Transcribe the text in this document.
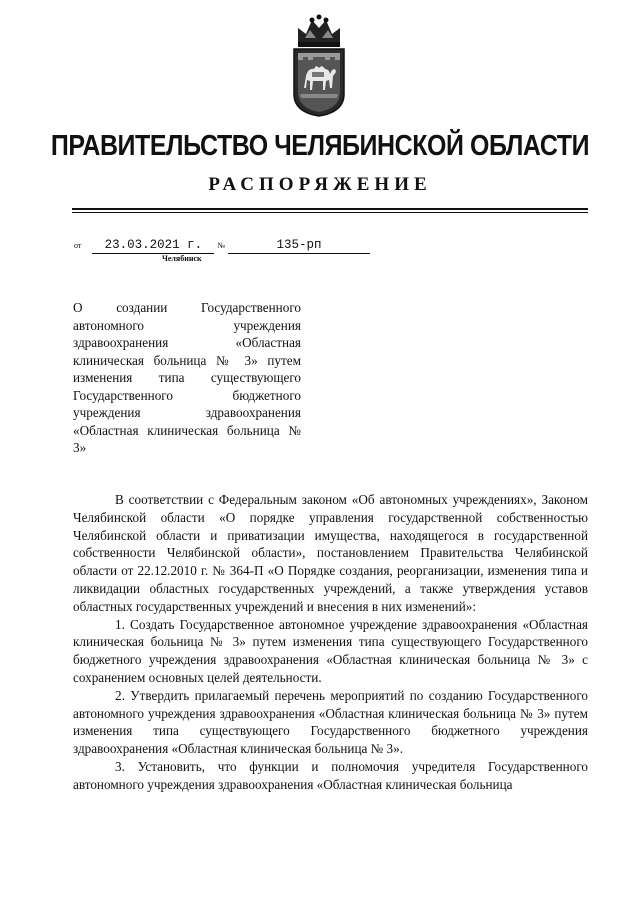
ПРАВИТЕЛЬСТВО ЧЕЛЯБИНСКОЙ ОБЛАСТИ
РАСПОРЯЖЕНИЕ
от 23.03.2021 г. №	135-рп
Челябинск
О создании Государственного автономного учреждения здравоохранения «Областная клиническая больница № 3» путем изменения типа существующего Государственного бюджетного учреждения здравоохранения «Областная клиническая больница № 3»

В соответствии с Федеральным законом «Об автономных учреждениях», Законом Челябинской области «О порядке управления государственной собственностью Челябинской области и приватизации имущества, находящегося в государственной собственности Челябинской области», постановлением Правительства Челябинской области от 22.12.2010 г. № 364-П «О Порядке создания, реорганизации, изменения типа и ликвидации областных государственных учреждений, а также утверждения уставов областных государственных учреждений и внесения в них изменений»:

1. Создать Государственное автономное учреждение здравоохранения «Областная клиническая больница № 3» путем изменения типа существующего Государственного бюджетного учреждения здравоохранения «Областная клиническая больница № 3» с сохранением основных целей деятельности.

2. Утвердить прилагаемый перечень мероприятий по созданию Государственного автономного учреждения здравоохранения «Областная клиническая больница № 3» путем изменения типа существующего Государственного бюджетного учреждения здравоохранения «Областная клиническая больница № 3».

3. Установить, что функции и полномочия учредителя Государственного автономного учреждения здравоохранения «Областная клиническая больница
